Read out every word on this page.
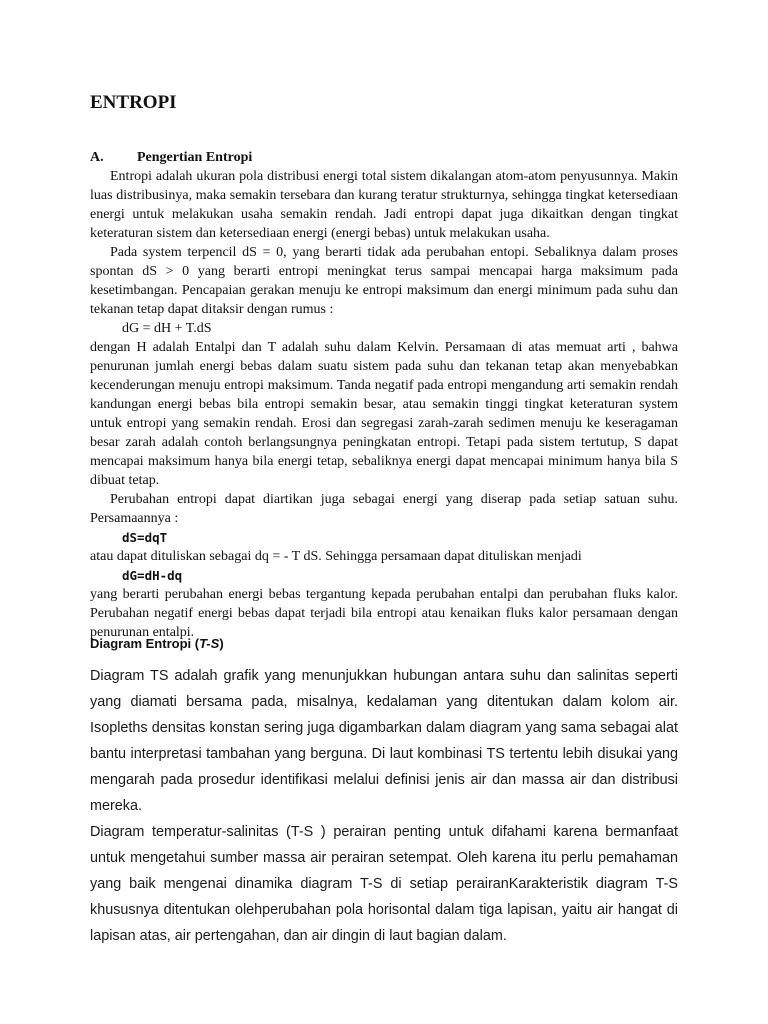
ENTROPI
A.	Pengertian Entropi

Entropi adalah ukuran pola distribusi energi total sistem dikalangan atom-atom penyusunnya. Makin luas distribusinya, maka semakin tersebara dan kurang teratur strukturnya, sehingga tingkat ketersediaan energi untuk melakukan usaha semakin rendah. Jadi entropi dapat juga dikaitkan dengan tingkat keteraturan sistem dan ketersediaan energi (energi bebas) untuk melakukan usaha.

Pada system terpencil dS = 0, yang berarti tidak ada perubahan entopi. Sebaliknya dalam proses spontan dS > 0 yang berarti entropi meningkat terus sampai mencapai harga maksimum pada kesetimbangan. Pencapaian gerakan menuju ke entropi maksimum dan energi minimum pada suhu dan tekanan tetap dapat ditaksir dengan rumus :

dG = dH + T.dS

dengan H adalah Entalpi dan T adalah suhu dalam Kelvin. Persamaan di atas memuat arti , bahwa penurunan jumlah energi bebas dalam suatu sistem pada suhu dan tekanan tetap akan menyebabkan kecenderungan menuju entropi maksimum. Tanda negatif pada entropi mengandung arti semakin rendah kandungan energi bebas bila entropi semakin besar, atau semakin tinggi tingkat keteraturan system untuk entropi yang semakin rendah. Erosi dan segregasi zarah-zarah sedimen menuju ke keseragaman besar zarah adalah contoh berlangsungnya peningkatan entropi. Tetapi pada sistem tertutup, S dapat mencapai maksimum hanya bila energi tetap, sebaliknya energi dapat mencapai minimum hanya bila S dibuat tetap.

Perubahan entropi dapat diartikan juga sebagai energi yang diserap pada setiap satuan suhu. Persamaannya :

dS=dqT

atau dapat dituliskan sebagai dq = - T dS. Sehingga persamaan dapat dituliskan menjadi

dG=dH-dq

yang berarti perubahan energi bebas tergantung kepada perubahan entalpi dan perubahan fluks kalor. Perubahan negatif energi bebas dapat terjadi bila entropi atau kenaikan fluks kalor persamaan dengan penurunan entalpi.

Diagram Entropi (T-S)

Diagram TS adalah grafik yang menunjukkan hubungan antara suhu dan salinitas seperti yang diamati bersama pada, misalnya, kedalaman yang ditentukan dalam kolom air. Isopleths densitas konstan sering juga digambarkan dalam diagram yang sama sebagai alat bantu interpretasi tambahan yang berguna. Di laut kombinasi TS tertentu lebih disukai yang mengarah pada prosedur identifikasi melalui definisi jenis air dan massa air dan distribusi mereka.

Diagram temperatur-salinitas (T-S ) perairan penting untuk difahami karena bermanfaat untuk mengetahui sumber massa air perairan setempat. Oleh karena itu perlu pemahaman yang baik mengenai dinamika diagram T-S di setiap perairanKarakteristik diagram T-S khususnya ditentukan olehperubahan pola horisontal dalam tiga lapisan, yaitu air hangat di lapisan atas, air pertengahan, dan air dingin di laut bagian dalam.
